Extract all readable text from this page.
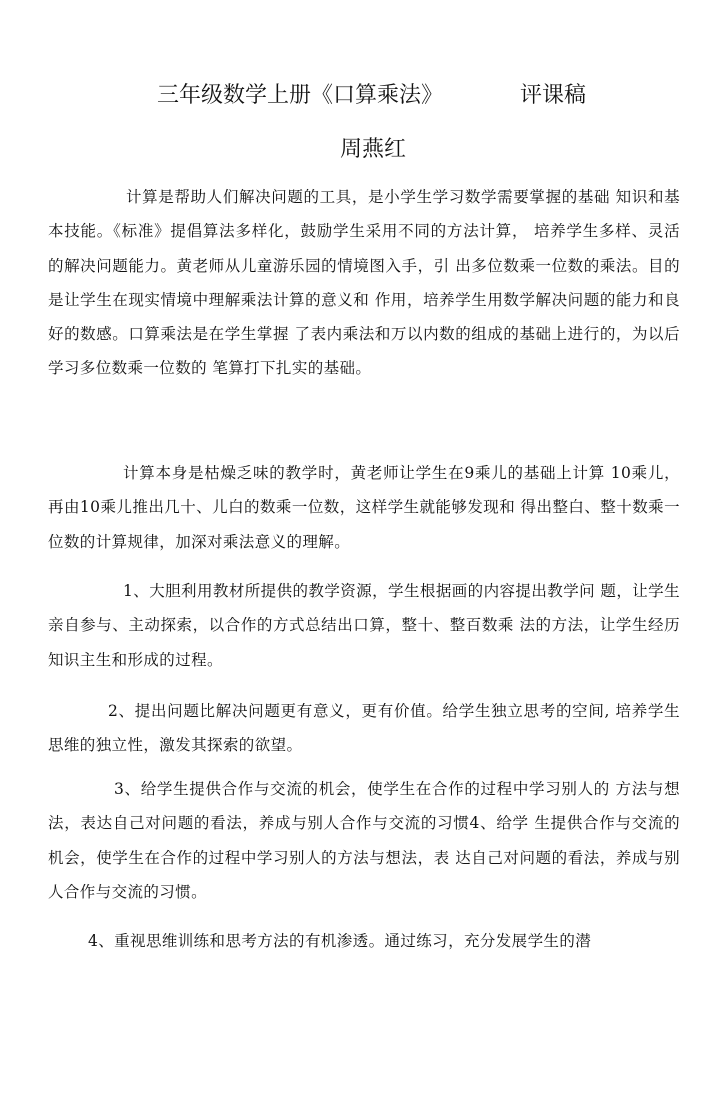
三年级数学上册《口算乘法》	评课稿
周燕红

计算是帮助人们解决问题的工具，是小学生学习数学需要掌握的基础 知识和基本技能。《标准》提倡算法多样化，鼓励学生采用不同的方法计算， 培养学生多样、灵活的解决问题能力。黄老师从儿童游乐园的情境图入手，引 出多位数乘一位数的乘法。目的是让学生在现实情境中理解乘法计算的意义和 作用，培养学生用数学解决问题的能力和良好的数感。口算乘法是在学生掌握 了表内乘法和万以内数的组成的基础上进行的，为以后学习多位数乘一位数的 笔算打下扎实的基础。

计算本身是枯燥乏味的教学时，黄老师让学生在9乘儿的基础上计算 10乘儿，再由10乘儿推出几十、儿白的数乘一位数，这样学生就能够发现和 得出整白、整十数乘一位数的计算规律，加深对乘法意义的理解。

1、大胆利用教材所提供的教学资源，学生根据画的内容提出教学问 题，让学生亲自参与、主动探索，以合作的方式总结出口算，整十、整百数乘 法的方法，让学生经历知识主生和形成的过程。

2、提出问题比解决问题更有意义，更有价值。给学生独立思考的空间, 培养学生思维的独立性，激发其探索的欲望。

3、给学生提供合作与交流的机会，使学生在合作的过程中学习别人的 方法与想法，表达自己对问题的看法，养成与别人合作与交流的习惯4、给学 生提供合作与交流的机会，使学生在合作的过程中学习别人的方法与想法，表 达自己对问题的看法，养成与别人合作与交流的习惯。

4、重视思维训练和思考方法的有机渗透。通过练习，充分发展学生的潜
